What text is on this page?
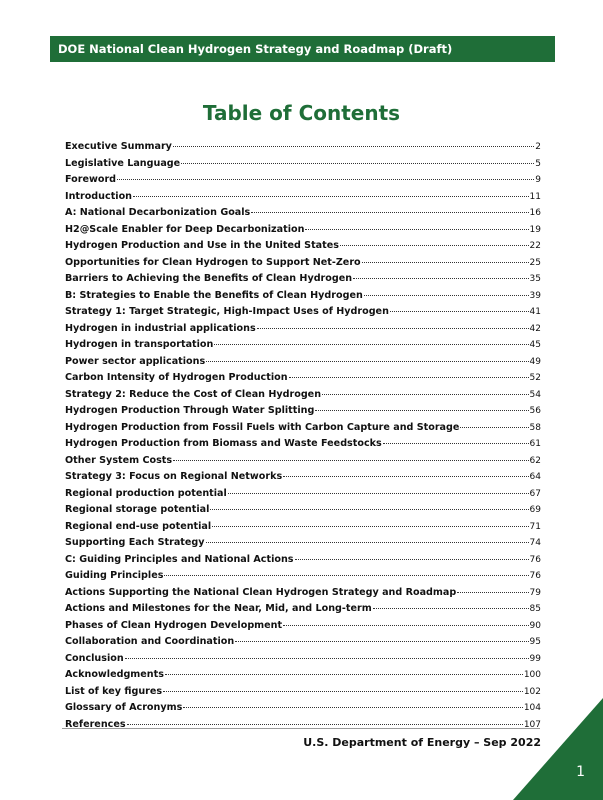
DOE National Clean Hydrogen Strategy and Roadmap (Draft)
Table of Contents
Executive Summary	2
Legislative Language	5
Foreword	9
Introduction	11
A: National Decarbonization Goals	16
H2@Scale Enabler for Deep Decarbonization	19
Hydrogen Production and Use in the United States	22
Opportunities for Clean Hydrogen to Support Net-Zero	25
Barriers to Achieving the Benefits of Clean Hydrogen	35
B: Strategies to Enable the Benefits of Clean Hydrogen	39
Strategy 1: Target Strategic, High-Impact Uses of Hydrogen	41
Hydrogen in industrial applications	42
Hydrogen in transportation	45
Power sector applications	49
Carbon Intensity of Hydrogen Production	52
Strategy 2: Reduce the Cost of Clean Hydrogen	54
Hydrogen Production Through Water Splitting	56
Hydrogen Production from Fossil Fuels with Carbon Capture and Storage	58
Hydrogen Production from Biomass and Waste Feedstocks	61
Other System Costs	62
Strategy 3: Focus on Regional Networks	64
Regional production potential	67
Regional storage potential	69
Regional end-use potential	71
Supporting Each Strategy	74
C: Guiding Principles and National Actions	76
Guiding Principles	76
Actions Supporting the National Clean Hydrogen Strategy and Roadmap	79
Actions and Milestones for the Near, Mid, and Long-term	85
Phases of Clean Hydrogen Development	90
Collaboration and Coordination	95
Conclusion	99
Acknowledgments	100
List of key figures	102
Glossary of Acronyms	104
References	107
U.S. Department of Energy – Sep 2022
1
